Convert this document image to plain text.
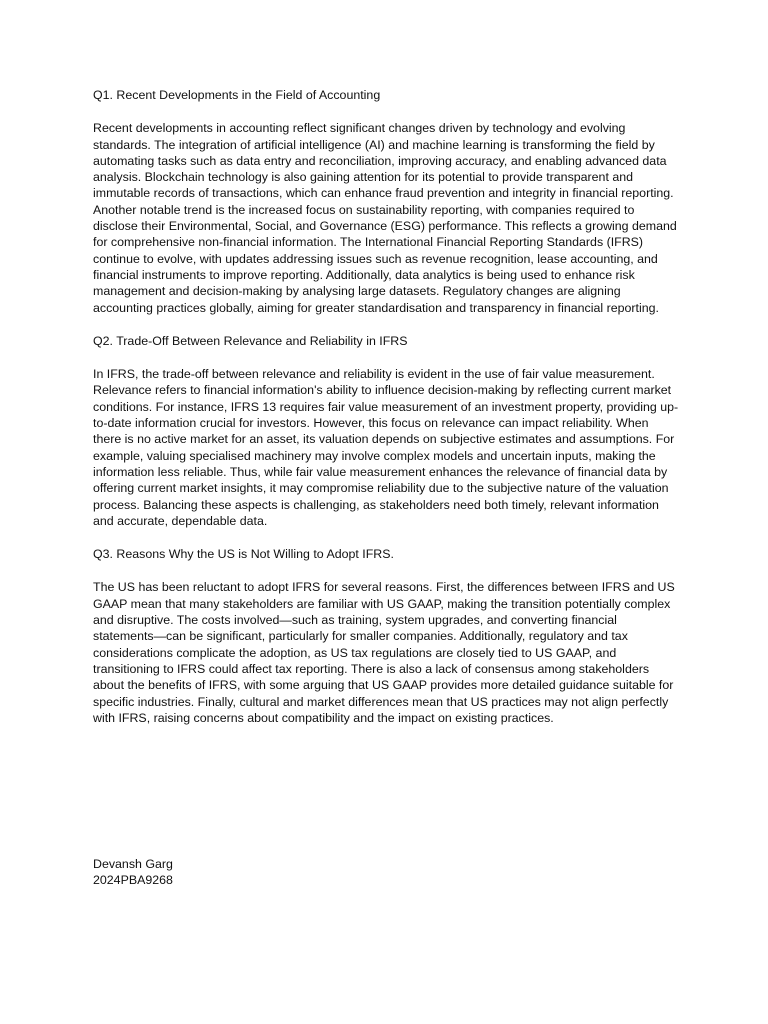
Q1. Recent Developments in the Field of Accounting

Recent developments in accounting reflect significant changes driven by technology and evolving standards. The integration of artificial intelligence (AI) and machine learning is transforming the field by automating tasks such as data entry and reconciliation, improving accuracy, and enabling advanced data analysis. Blockchain technology is also gaining attention for its potential to provide transparent and immutable records of transactions, which can enhance fraud prevention and integrity in financial reporting. Another notable trend is the increased focus on sustainability reporting, with companies required to disclose their Environmental, Social, and Governance (ESG) performance. This reflects a growing demand for comprehensive non-financial information. The International Financial Reporting Standards (IFRS) continue to evolve, with updates addressing issues such as revenue recognition, lease accounting, and financial instruments to improve reporting. Additionally, data analytics is being used to enhance risk management and decision-making by analysing large datasets. Regulatory changes are aligning accounting practices globally, aiming for greater standardisation and transparency in financial reporting.

Q2. Trade-Off Between Relevance and Reliability in IFRS

In IFRS, the trade-off between relevance and reliability is evident in the use of fair value measurement. Relevance refers to financial information's ability to influence decision-making by reflecting current market conditions. For instance, IFRS 13 requires fair value measurement of an investment property, providing up-to-date information crucial for investors. However, this focus on relevance can impact reliability. When there is no active market for an asset, its valuation depends on subjective estimates and assumptions. For example, valuing specialised machinery may involve complex models and uncertain inputs, making the information less reliable. Thus, while fair value measurement enhances the relevance of financial data by offering current market insights, it may compromise reliability due to the subjective nature of the valuation process. Balancing these aspects is challenging, as stakeholders need both timely, relevant information and accurate, dependable data.

Q3. Reasons Why the US is Not Willing to Adopt IFRS.

The US has been reluctant to adopt IFRS for several reasons. First, the differences between IFRS and US GAAP mean that many stakeholders are familiar with US GAAP, making the transition potentially complex and disruptive. The costs involved—such as training, system upgrades, and converting financial statements—can be significant, particularly for smaller companies. Additionally, regulatory and tax considerations complicate the adoption, as US tax regulations are closely tied to US GAAP, and transitioning to IFRS could affect tax reporting. There is also a lack of consensus among stakeholders about the benefits of IFRS, with some arguing that US GAAP provides more detailed guidance suitable for specific industries. Finally, cultural and market differences mean that US practices may not align perfectly with IFRS, raising concerns about compatibility and the impact on existing practices.

Devansh Garg
2024PBA9268
